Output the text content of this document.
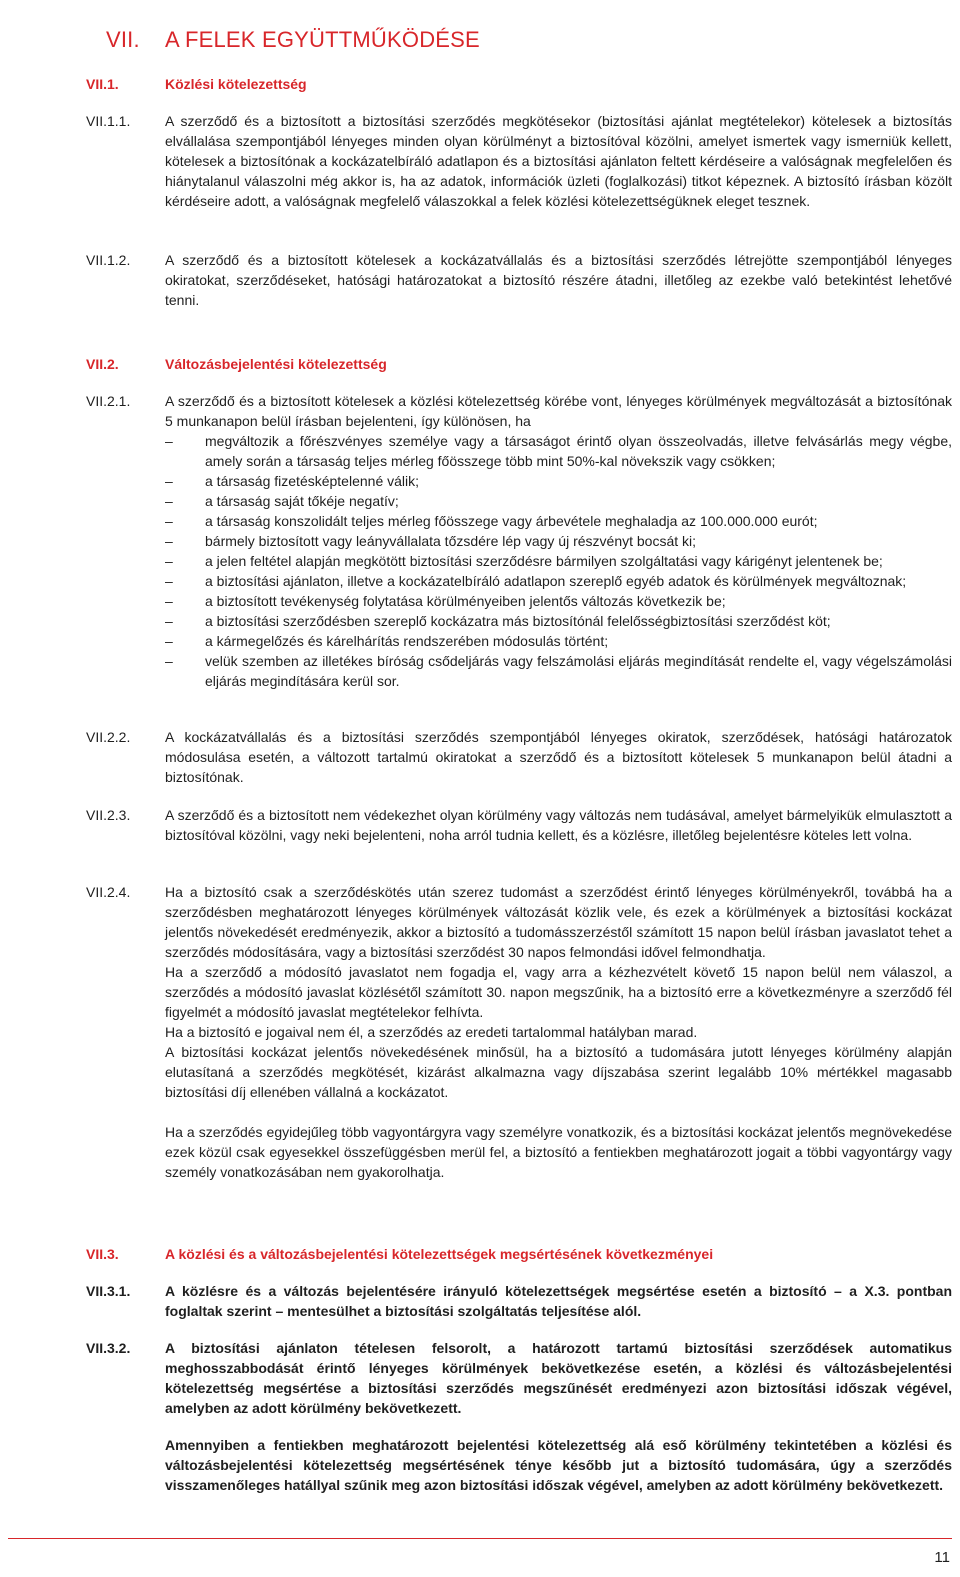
VII. A FELEK EGYÜTTMŰKÖDÉSE
VII.1.	Közlési kötelezettség
VII.1.1.	A szerződő és a biztosított a biztosítási szerződés megkötésekor (biztosítási ajánlat megtételekor) kötelesek a biztosítás elvállalása szempontjából lényeges minden olyan körülményt a biztosítóval közölni, amelyet ismertek vagy ismerniük kellett, kötelesek a biztosítónak a kockázatelbíráló adatlapon és a biztosítási ajánlaton feltett kérdéseire a valóságnak megfelelően és hiánytalanul válaszolni még akkor is, ha az adatok, információk üzleti (foglalkozási) titkot képeznek. A biztosító írásban közölt kérdéseire adott, a valóságnak megfelelő válaszokkal a felek közlési kötelezettségüknek eleget tesznek.
VII.1.2.	A szerződő és a biztosított kötelesek a kockázatvállalás és a biztosítási szerződés létrejötte szempontjából lényeges okiratokat, szerződéseket, hatósági határozatokat a biztosító részére átadni, illetőleg az ezekbe való betekintést lehetővé tenni.
VII.2.	Változásbejelentési kötelezettség
VII.2.1.	A szerződő és a biztosított kötelesek a közlési kötelezettség körébe vont, lényeges körülmények megváltozását a biztosítónak 5 munkanapon belül írásban bejelenteni, így különösen, ha

– megváltozik a főrészvényes személye vagy a társaságot érintő olyan összeolvadás, illetve felvásárlás megy végbe, amely során a társaság teljes mérleg főösszege több mint 50%-kal növekszik vagy csökken;
– a társaság fizetésképtelenné válik;
– a társaság saját tőkéje negatív;
– a társaság konszolidált teljes mérleg főösszege vagy árbevétele meghaladja az 100.000.000 eurót;
– bármely biztosított vagy leányvállalata tőzsdére lép vagy új részvényt bocsát ki;
– a jelen feltétel alapján megkötött biztosítási szerződésre bármilyen szolgáltatási vagy kárigényt jelentenek be;
– a biztosítási ajánlaton, illetve a kockázatelbíráló adatlapon szereplő egyéb adatok és körülmények megváltoznak;
– a biztosított tevékenység folytatása körülményeiben jelentős változás következik be;
– a biztosítási szerződésben szereplő kockázatra más biztosítónál felelősségbiztosítási szerződést köt;
– a kármegelőzés és kárelhárítás rendszerében módosulás történt;
– velük szemben az illetékes bíróság csődeljárás vagy felszámolási eljárás megindítását rendelte el, vagy végelszámolási eljárás megindítására kerül sor.
VII.2.2.	A kockázatvállalás és a biztosítási szerződés szempontjából lényeges okiratok, szerződések, hatósági határozatok módosulása esetén, a változott tartalmú okiratokat a szerződő és a biztosított kötelesek 5 munkanapon belül átadni a biztosítónak.
VII.2.3.	A szerződő és a biztosított nem védekezhet olyan körülmény vagy változás nem tudásával, amelyet bármelyikük elmulasztott a biztosítóval közölni, vagy neki bejelenteni, noha arról tudnia kellett, és a közlésre, illetőleg bejelentésre köteles lett volna.
VII.2.4.	Ha a biztosító csak a szerződéskötés után szerez tudomást a szerződést érintő lényeges körülményekről, továbbá ha a szerződésben meghatározott lényeges körülmények változását közlik vele, és ezek a körülmények a biztosítási kockázat jelentős növekedését eredményezik, akkor a biztosító a tudomásszerzéstől számított 15 napon belül írásban javaslatot tehet a szerződés módosítására, vagy a biztosítási szerződést 30 napos felmondási idővel felmondhatja.

Ha a szerződő a módosító javaslatot nem fogadja el, vagy arra a kézhezvételt követő 15 napon belül nem válaszol, a szerződés a módosító javaslat közlésétől számított 30. napon megszűnik, ha a biztosító erre a következményre a szerződő fél figyelmét a módosító javaslat megtételekor felhívta.

Ha a biztosító e jogaival nem él, a szerződés az eredeti tartalommal hatályban marad.

A biztosítási kockázat jelentős növekedésének minősül, ha a biztosító a tudomására jutott lényeges körülmény alapján elutasítaná a szerződés megkötését, kizárást alkalmazna vagy díjszabása szerint legalább 10% mértékkel magasabb biztosítási díj ellenében vállalná a kockázatot.

Ha a szerződés egyidejűleg több vagyontárgyra vagy személyre vonatkozik, és a biztosítási kockázat jelentős megnövekedése ezek közül csak egyesekkel összefüggésben merül fel, a biztosító a fentiekben meghatározott jogait a többi vagyontárgy vagy személy vonatkozásában nem gyakorolhatja.

VII.3.	A közlési és a változásbejelentési kötelezettségek megsértésének következményei
VII.3.1.	A közlésre és a változás bejelentésére irányuló kötelezettségek megsértése esetén a biztosító – a X.3. pontban foglaltak szerint – mentesülhet a biztosítási szolgáltatás teljesítése alól.
VII.3.2.	A biztosítási ajánlaton tételesen felsorolt, a határozott tartamú biztosítási szerződések automatikus meghosszabbodását érintő lényeges körülmények bekövetkezése esetén, a közlési és változásbejelentési kötelezettség megsértése a biztosítási szerződés megszűnését eredményezi azon biztosítási időszak végével, amelyben az adott körülmény bekövetkezett.

Amennyiben a fentiekben meghatározott bejelentési kötelezettség alá eső körülmény tekintetében a közlési és változásbejelentési kötelezettség megsértésének ténye később jut a biztosító tudomására, úgy a szerződés visszamenőleges hatállyal szűnik meg azon biztosítási időszak végével, amelyben az adott körülmény bekövetkezett.

11
